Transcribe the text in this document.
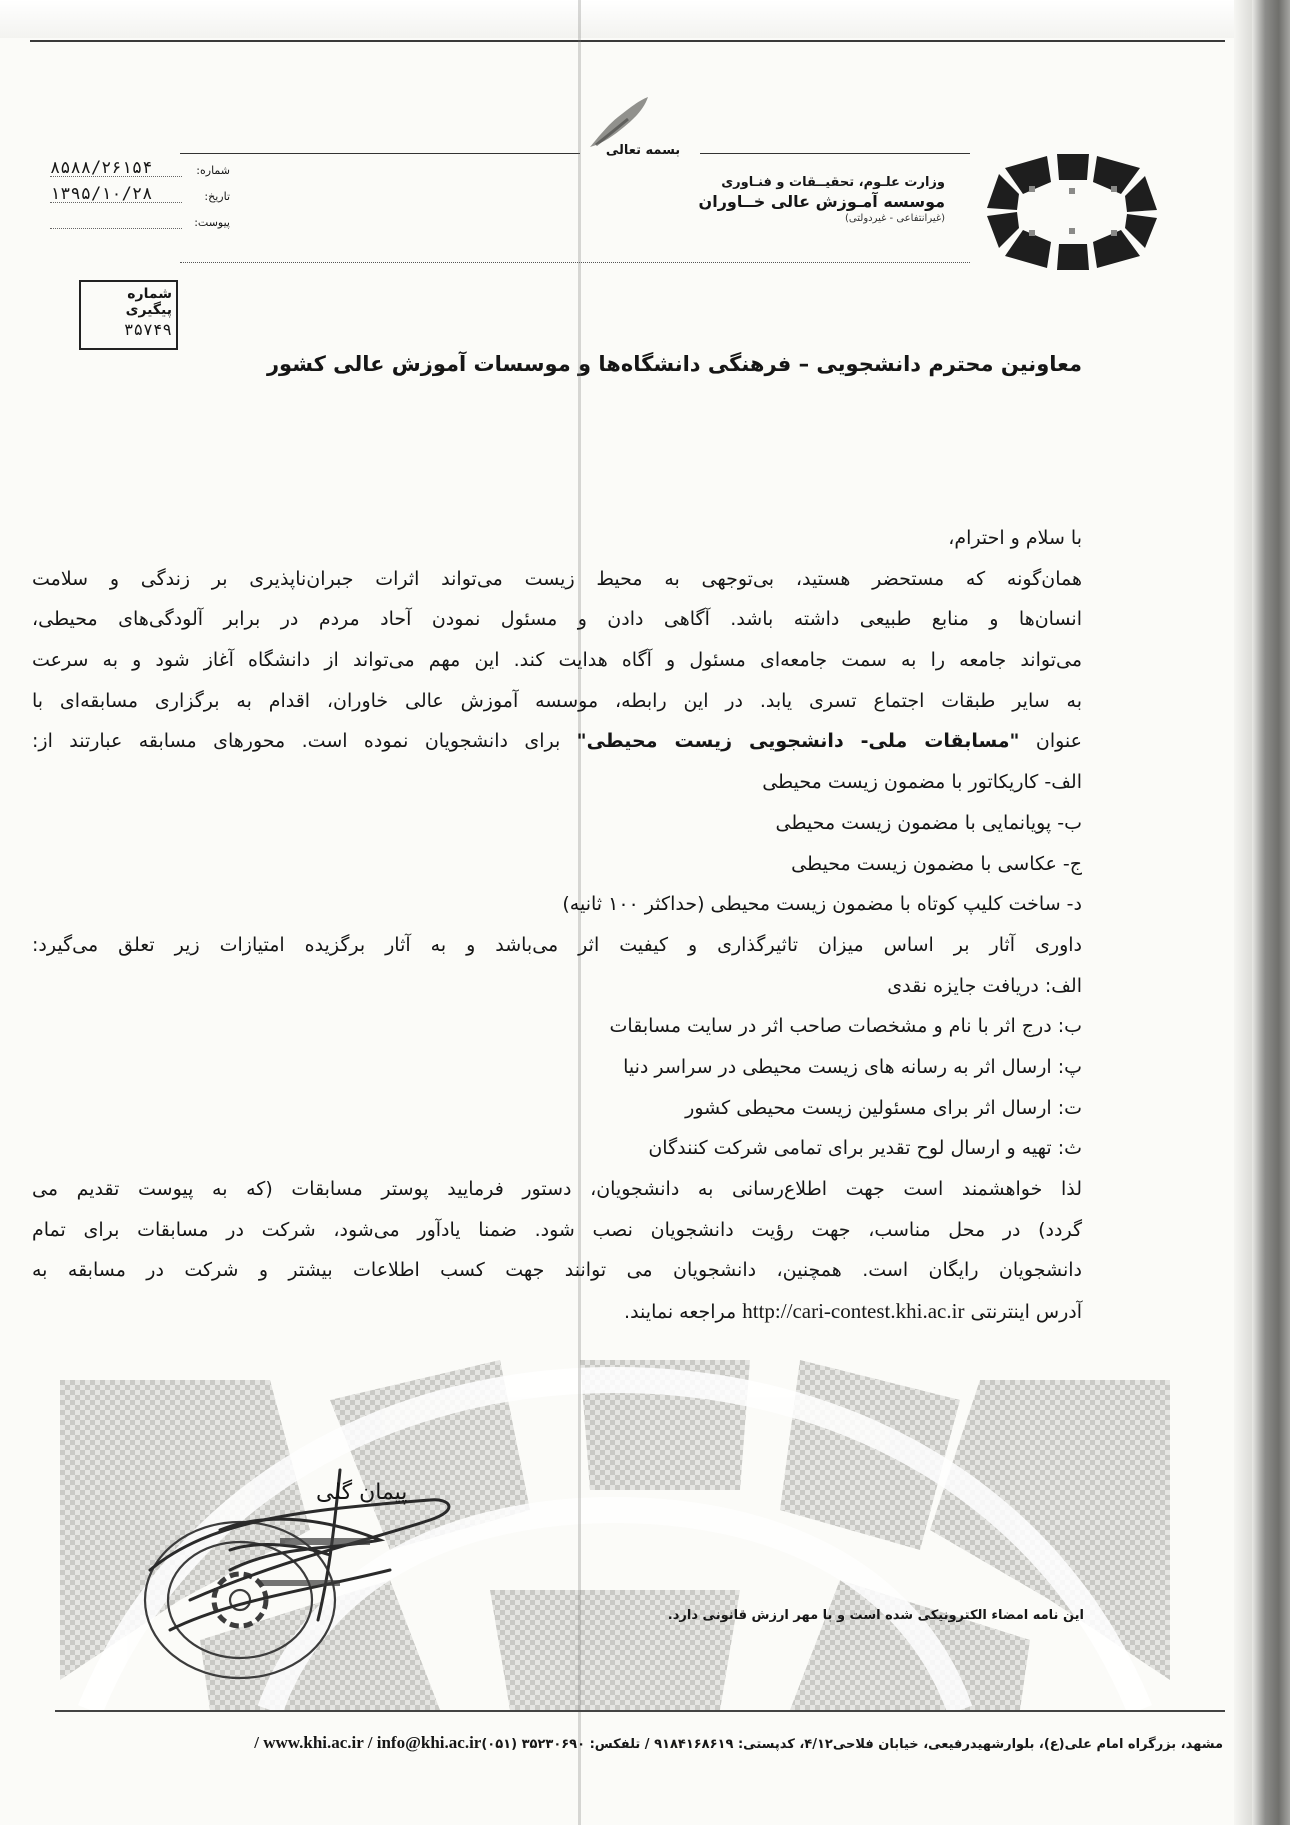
بسمه تعالی
وزارت علـوم، تحقیــقات و فنـاوری
موسسه آمـوزش عالی خــاوران
(غیرانتفاعی - غیردولتی)
۸۵۸۸/۲۶۱۵۴	شماره:
۱۳۹۵/۱۰/۲۸	تاریخ:
پیوست:
شماره پیگیری
۳۵۷۴۹
معاونین محترم دانشجویی – فرهنگی دانشگاه‌ها و موسسات آموزش عالی کشور
با سلام و احترام،
همان‌گونه که مستحضر هستید، بی‌توجهی به محیط زیست می‌تواند اثرات جبران‌ناپذیری بر زندگی و سلامت
انسان‌ها و منابع طبیعی داشته باشد. آگاهی دادن و مسئول نمودن آحاد مردم در برابر آلودگی‌های محیطی،
می‌تواند جامعه را به سمت جامعه‌ای مسئول و آگاه هدایت کند. این مهم می‌تواند از دانشگاه آغاز شود و به سرعت
به سایر طبقات اجتماع تسری یابد. در این رابطه، موسسه آموزش عالی خاوران، اقدام به برگزاری مسابقه‌ای با
عنوان "مسابقات ملی- دانشجویی زیست محیطی" برای دانشجویان نموده است. محورهای مسابقه عبارتند از:
الف- کاریکاتور با مضمون زیست محیطی
ب- پویانمایی با مضمون زیست محیطی
ج- عکاسی با مضمون زیست محیطی
د- ساخت کلیپ کوتاه با مضمون زیست محیطی (حداکثر ۱۰۰ ثانیه)
داوری آثار بر اساس میزان تاثیرگذاری و کیفیت اثر می‌باشد و به آثار برگزیده امتیازات زیر تعلق می‌گیرد:
الف: دریافت جایزه نقدی
ب: درج اثر با نام و مشخصات صاحب اثر در سایت مسابقات
پ: ارسال اثر به رسانه های زیست محیطی در سراسر دنیا
ت: ارسال اثر برای مسئولین زیست محیطی کشور
ث: تهیه و ارسال لوح تقدیر برای تمامی شرکت کنندگان
لذا خواهشمند است جهت اطلاع‌رسانی به دانشجویان، دستور فرمایید پوستر مسابقات (که به پیوست تقدیم می
گردد) در محل مناسب، جهت رؤیت دانشجویان نصب شود. ضمنا یادآور می‌شود، شرکت در مسابقات برای تمام
دانشجویان رایگان است. همچنین، دانشجویان می توانند جهت کسب اطلاعات بیشتر و شرکت در مسابقه به
آدرس اینترنتی http://cari-contest.khi.ac.ir مراجعه نمایند.
پیمان گلی
این نامه امضاء الکترونیکی شده است و با مهر ارزش قانونی دارد.
مشهد، بزرگراه امام علی(ع)، بلوارشهیدرفیعی، خیابان فلاحی۴/۱۲، کدپستی: ۹۱۸۴۱۶۸۶۱۹ / تلفکس: ۳۵۲۳۰۶۹۰ (۰۵۱) / www.khi.ac.ir / info@khi.ac.ir
